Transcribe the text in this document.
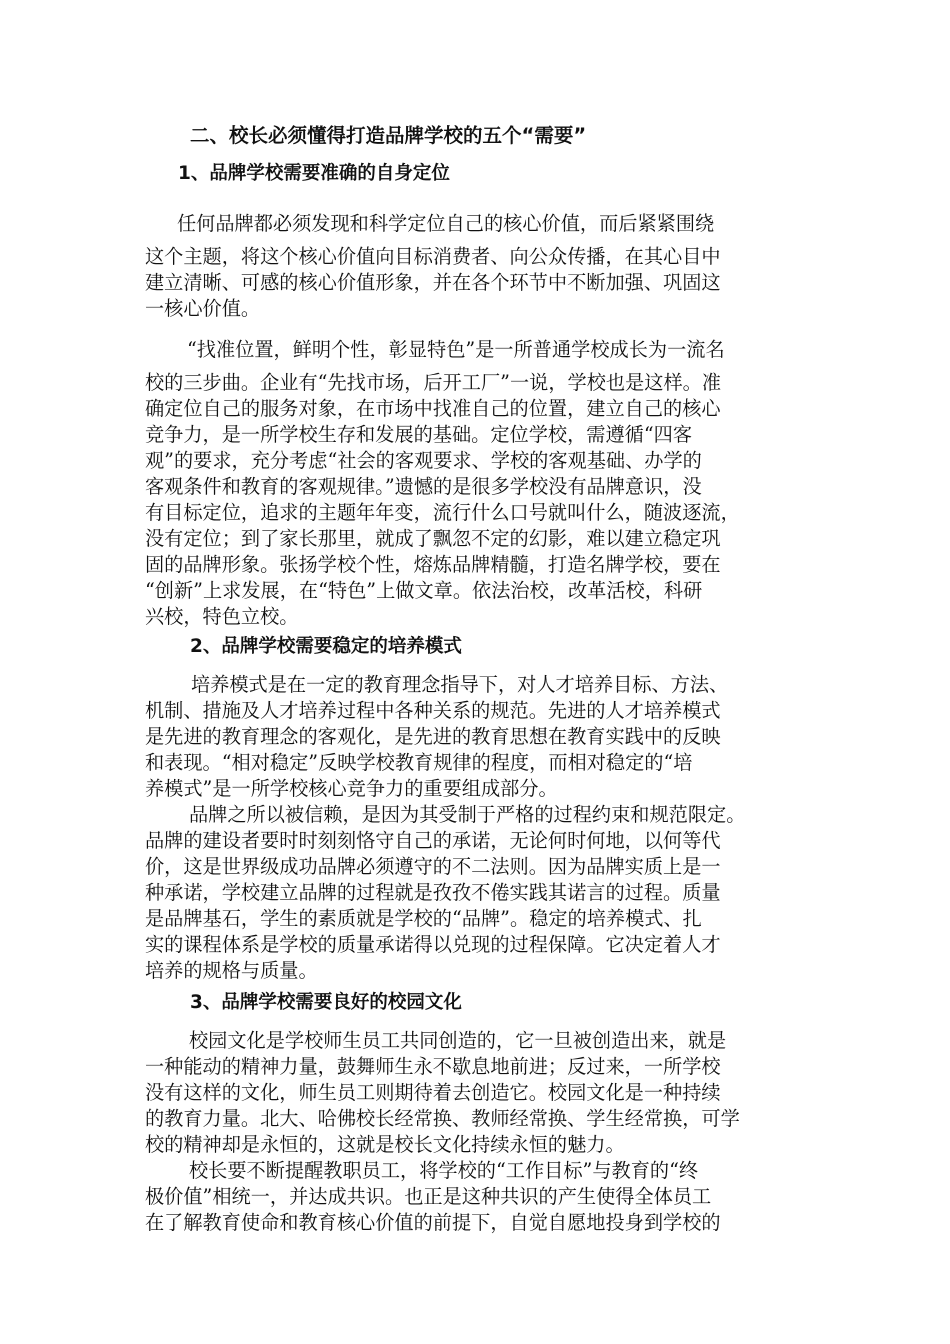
二、校长必须懂得打造品牌学校的五个“需要”
1、品牌学校需要准确的自身定位
任何品牌都必须发现和科学定位自己的核心价值，而后紧紧围绕
这个主题，将这个核心价值向目标消费者、向公众传播，在其心目中
建立清晰、可感的核心价值形象，并在各个环节中不断加强、巩固这
一核心价值。
“找准位置，鲜明个性，彰显特色”是一所普通学校成长为一流名
校的三步曲。企业有“先找市场，后开工厂”一说，学校也是这样。准
确定位自己的服务对象，在市场中找准自己的位置，建立自己的核心
竞争力，是一所学校生存和发展的基础。定位学校，需遵循“四客
观”的要求，充分考虑“社会的客观要求、学校的客观基础、办学的
客观条件和教育的客观规律。”遗憾的是很多学校没有品牌意识，没
有目标定位，追求的主题年年变，流行什么口号就叫什么，随波逐流，
没有定位；到了家长那里，就成了飘忽不定的幻影，难以建立稳定巩
固的品牌形象。张扬学校个性，熔炼品牌精髓，打造名牌学校，要在
“创新”上求发展，在“特色”上做文章。依法治校，改革活校，科研
兴校，特色立校。
2、品牌学校需要稳定的培养模式
培养模式是在一定的教育理念指导下，对人才培养目标、方法、
机制、措施及人才培养过程中各种关系的规范。先进的人才培养模式
是先进的教育理念的客观化，是先进的教育思想在教育实践中的反映
和表现。“相对稳定”反映学校教育规律的程度，而相对稳定的“培
养模式”是一所学校核心竞争力的重要组成部分。
品牌之所以被信赖，是因为其受制于严格的过程约束和规范限定。
品牌的建设者要时时刻刻恪守自己的承诺，无论何时何地，以何等代
价，这是世界级成功品牌必须遵守的不二法则。因为品牌实质上是一
种承诺，学校建立品牌的过程就是孜孜不倦实践其诺言的过程。质量
是品牌基石，学生的素质就是学校的“品牌”。稳定的培养模式、扎
实的课程体系是学校的质量承诺得以兑现的过程保障。它决定着人才
培养的规格与质量。
3、品牌学校需要良好的校园文化
校园文化是学校师生员工共同创造的，它一旦被创造出来，就是
一种能动的精神力量，鼓舞师生永不歇息地前进；反过来，一所学校
没有这样的文化，师生员工则期待着去创造它。校园文化是一种持续
的教育力量。北大、哈佛校长经常换、教师经常换、学生经常换，可学
校的精神却是永恒的，这就是校长文化持续永恒的魅力。
校长要不断提醒教职员工，将学校的“工作目标”与教育的“终
极价值”相统一，并达成共识。也正是这种共识的产生使得全体员工
在了解教育使命和教育核心价值的前提下，自觉自愿地投身到学校的
